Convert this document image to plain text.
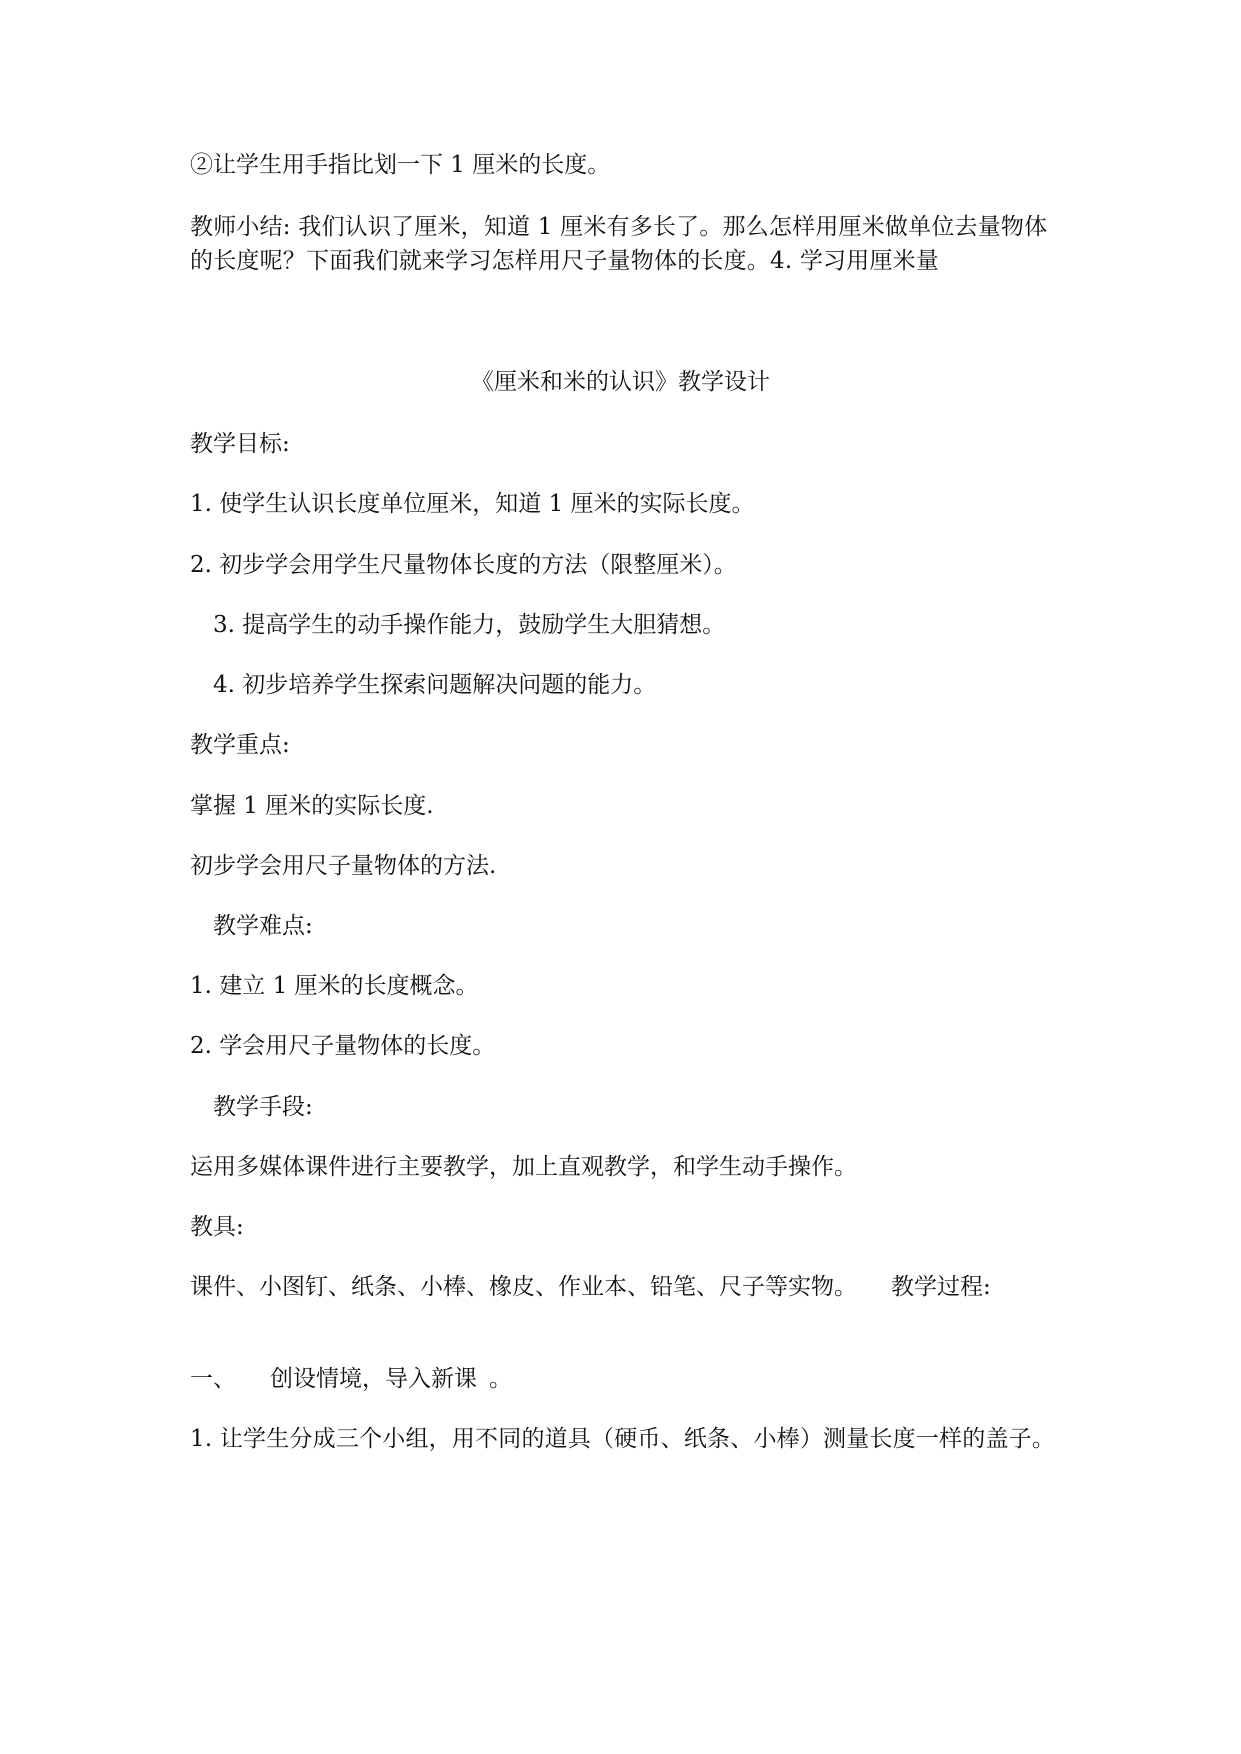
②让学生用手指比划一下 1 厘米的长度。

教师小结: 我们认识了厘米，知道 1 厘米有多长了。那么怎样用厘米做单位去量物体的长度呢？下面我们就来学习怎样用尺子量物体的长度。4. 学习用厘米量

《厘米和米的认识》教学设计

教学目标:

1. 使学生认识长度单位厘米，知道 1 厘米的实际长度。

2. 初步学会用学生尺量物体长度的方法（限整厘米）。

3. 提高学生的动手操作能力，鼓励学生大胆猜想。

4. 初步培养学生探索问题解决问题的能力。

教学重点:

掌握 1 厘米的实际长度.

初步学会用尺子量物体的方法.

教学难点:

1. 建立 1 厘米的长度概念。

2. 学会用尺子量物体的长度。

教学手段:

运用多媒体课件进行主要教学，加上直观教学，和学生动手操作。

教具:

课件、小图钉、纸条、小棒、橡皮、作业本、铅笔、尺子等实物。 教学过程:

一、 创设情境，导入新课 。

1. 让学生分成三个小组，用不同的道具（硬币、纸条、小棒）测量长度一样的盖子。
